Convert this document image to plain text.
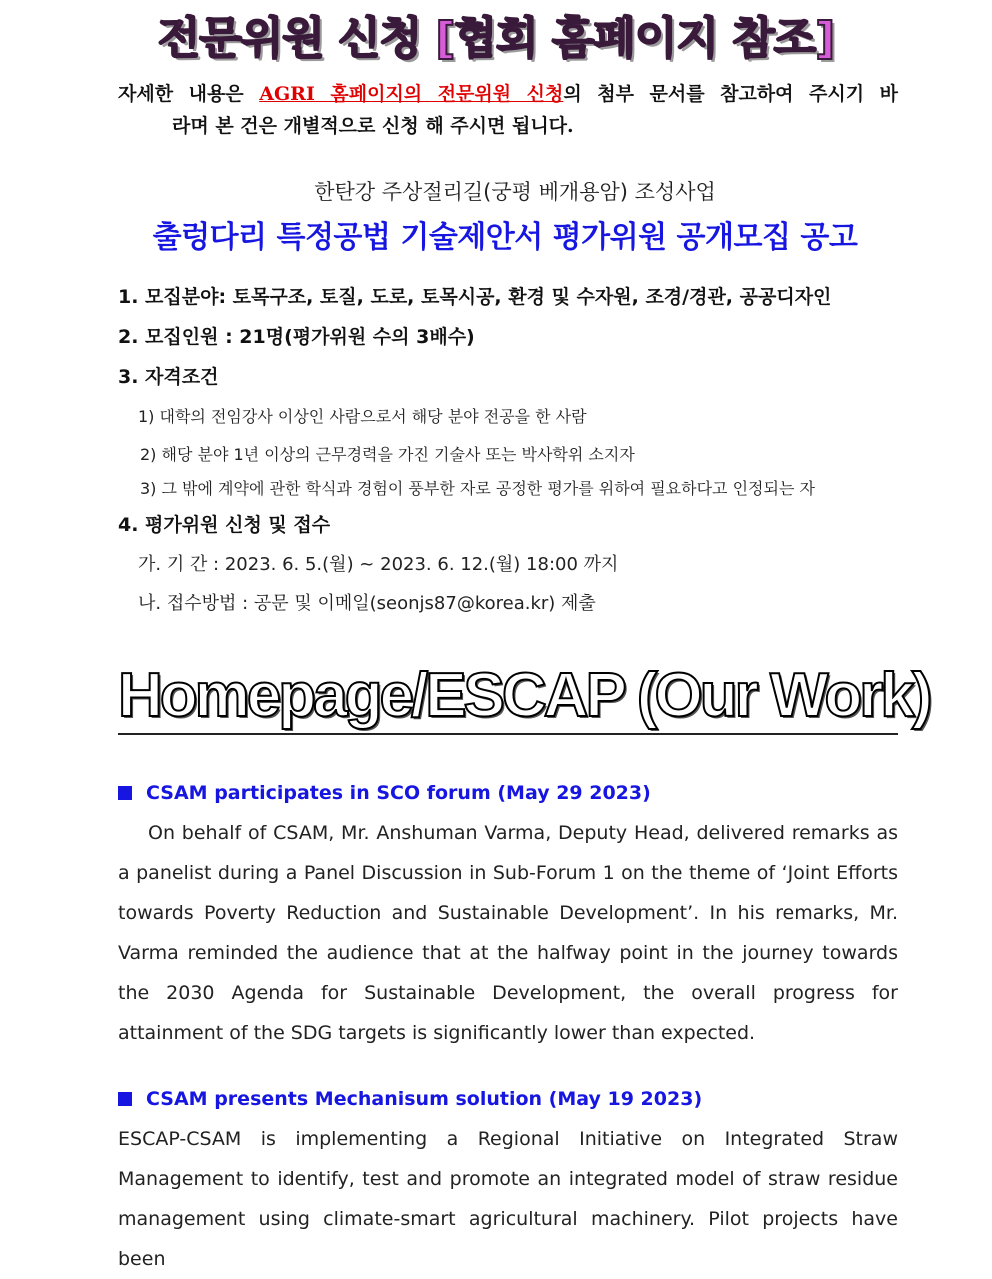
전문위원 신청 [협회 홈페이지 참조]
자세한 내용은 AGRI 홈페이지의 전문위원 신청의 첨부 문서를 참고하여 주시기 바
라며 본 건은 개별적으로 신청 해 주시면 됩니다.
한탄강 주상절리길(궁평 베개용암) 조성사업
출렁다리 특정공법 기술제안서 평가위원 공개모집 공고
1. 모집분야: 토목구조, 토질, 도로, 토목시공, 환경 및 수자원, 조경/경관, 공공디자인
2. 모집인원 : 21명(평가위원 수의 3배수)
3. 자격조건
1) 대학의 전임강사 이상인 사람으로서 해당 분야 전공을 한 사람
2) 해당 분야 1년 이상의 근무경력을 가진 기술사 또는 박사학위 소지자
3) 그 밖에 계약에 관한 학식과 경험이 풍부한 자로 공정한 평가를 위하여 필요하다고 인정되는 자
4. 평가위원 신청 및 접수
가. 기 간 : 2023. 6. 5.(월) ~ 2023. 6. 12.(월) 18:00 까지
나. 접수방법 : 공문 및 이메일(seonjs87@korea.kr) 제출
Homepage/ESCAP (Our Work)
CSAM participates in SCO forum (May 29 2023)
On behalf of CSAM, Mr. Anshuman Varma, Deputy Head, delivered remarks as a panelist during a Panel Discussion in Sub-Forum 1 on the theme of ‘Joint Efforts towards Poverty Reduction and Sustainable Development’. In his remarks, Mr. Varma reminded the audience that at the halfway point in the journey towards the 2030 Agenda for Sustainable Development, the overall progress for attainment of the SDG targets is significantly lower than expected.
CSAM presents Mechanisum solution (May 19 2023)
ESCAP-CSAM is implementing a Regional Initiative on Integrated Straw Management to identify, test and promote an integrated model of straw residue management using climate-smart agricultural machinery. Pilot projects have been
